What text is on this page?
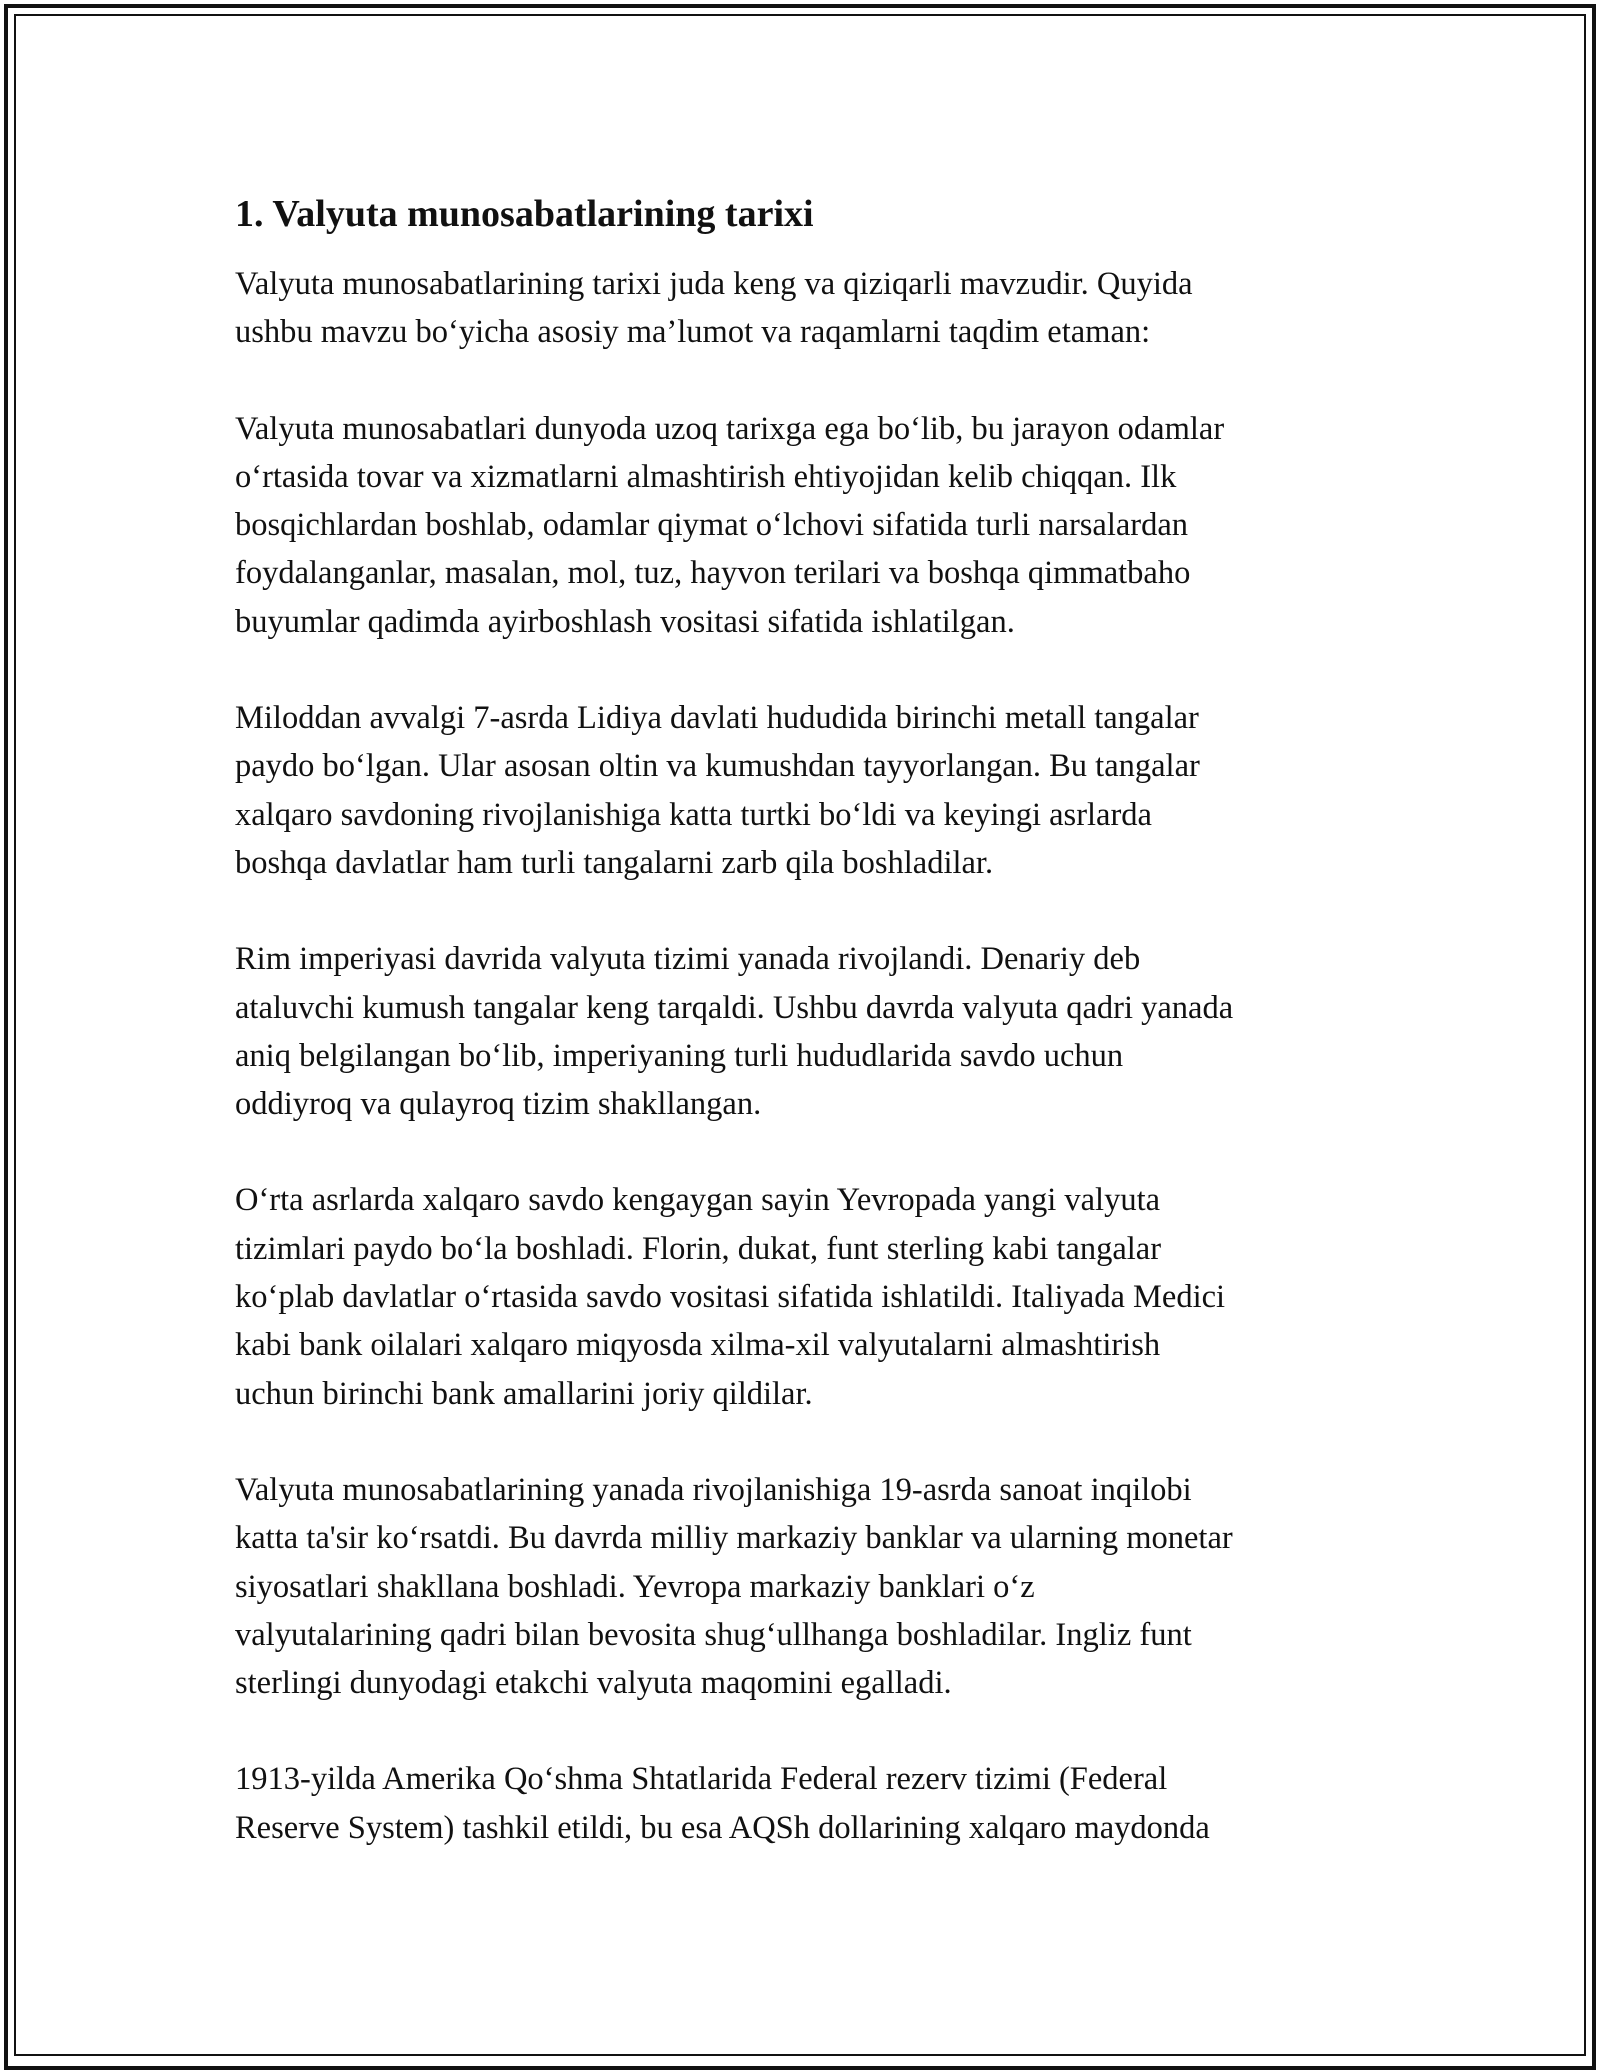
1. Valyuta munosabatlarining tarixi

Valyuta munosabatlarining tarixi juda keng va qiziqarli mavzudir. Quyida
ushbu mavzu bo‘yicha asosiy ma’lumot va raqamlarni taqdim etaman:

Valyuta munosabatlari dunyoda uzoq tarixga ega bo‘lib, bu jarayon odamlar
o‘rtasida tovar va xizmatlarni almashtirish ehtiyojidan kelib chiqqan. Ilk
bosqichlardan boshlab, odamlar qiymat o‘lchovi sifatida turli narsalardan
foydalanganlar, masalan, mol, tuz, hayvon terilari va boshqa qimmatbaho
buyumlar qadimda ayirboshlash vositasi sifatida ishlatilgan.

Miloddan avvalgi 7-asrda Lidiya davlati hududida birinchi metall tangalar
paydo bo‘lgan. Ular asosan oltin va kumushdan tayyorlangan. Bu tangalar
xalqaro savdoning rivojlanishiga katta turtki bo‘ldi va keyingi asrlarda
boshqa davlatlar ham turli tangalarni zarb qila boshladilar.

Rim imperiyasi davrida valyuta tizimi yanada rivojlandi. Denariy deb
ataluvchi kumush tangalar keng tarqaldi. Ushbu davrda valyuta qadri yanada
aniq belgilangan bo‘lib, imperiyaning turli hududlarida savdo uchun
oddiyroq va qulayroq tizim shakllangan.

O‘rta asrlarda xalqaro savdo kengaygan sayin Yevropada yangi valyuta
tizimlari paydo bo‘la boshladi. Florin, dukat, funt sterling kabi tangalar
ko‘plab davlatlar o‘rtasida savdo vositasi sifatida ishlatildi. Italiyada Medici
kabi bank oilalari xalqaro miqyosda xilma-xil valyutalarni almashtirish
uchun birinchi bank amallarini joriy qildilar.

Valyuta munosabatlarining yanada rivojlanishiga 19-asrda sanoat inqilobi
katta ta'sir ko‘rsatdi. Bu davrda milliy markaziy banklar va ularning monetar
siyosatlari shakllana boshladi. Yevropa markaziy banklari o‘z
valyutalarining qadri bilan bevosita shug‘ullhanga boshladilar. Ingliz funt
sterlingi dunyodagi etakchi valyuta maqomini egalladi.

1913-yilda Amerika Qo‘shma Shtatlarida Federal rezerv tizimi (Federal
Reserve System) tashkil etildi, bu esa AQSh dollarining xalqaro maydonda
